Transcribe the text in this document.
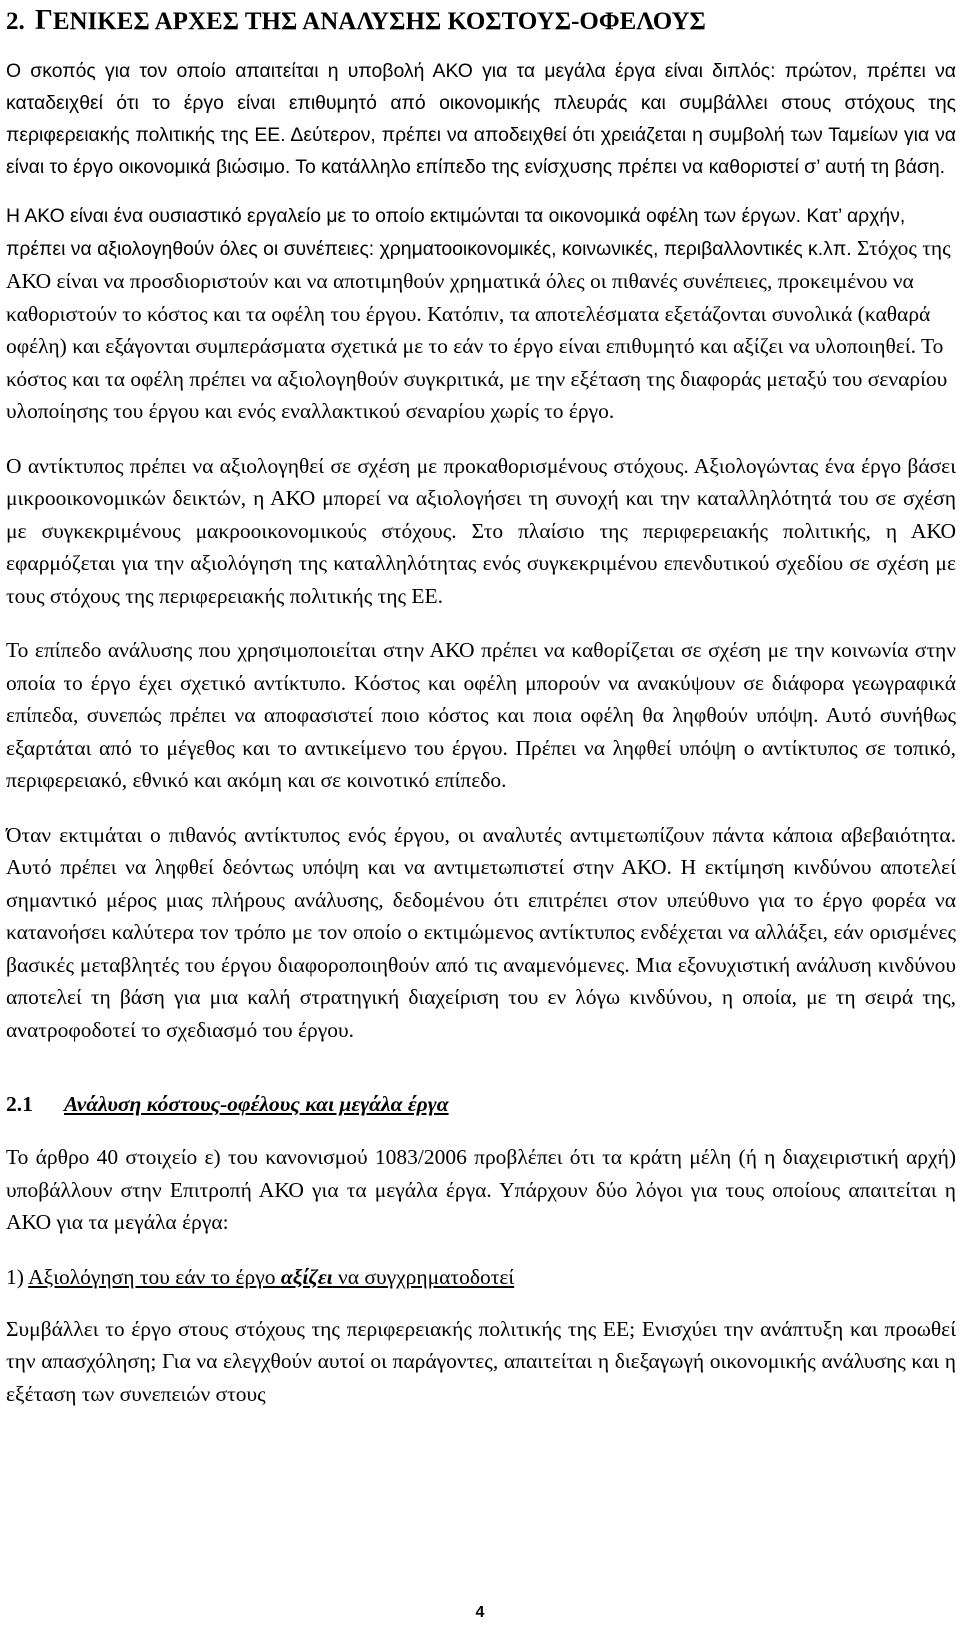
2. ΓΕΝΙΚΕΣ ΑΡΧΕΣ ΤΗΣ ΑΝΑΛΥΣΗΣ ΚΟΣΤΟΥΣ-ΟΦΕΛΟΥΣ

Ο σκοπός για τον οποίο απαιτείται η υποβολή ΑΚΟ για τα μεγάλα έργα είναι διπλός: πρώτον, πρέπει να καταδειχθεί ότι το έργο είναι επιθυμητό από οικονομικής πλευράς και συμβάλλει στους στόχους της περιφερειακής πολιτικής της ΕΕ. Δεύτερον, πρέπει να αποδειχθεί ότι χρειάζεται η συμβολή των Ταμείων για να είναι το έργο οικονομικά βιώσιμο. Το κατάλληλο επίπεδο της ενίσχυσης πρέπει να καθοριστεί σ’ αυτή τη βάση.

Η ΑΚΟ είναι ένα ουσιαστικό εργαλείο με το οποίο εκτιμώνται τα οικονομικά οφέλη των έργων. Κατ’ αρχήν, πρέπει να αξιολογηθούν όλες οι συνέπειες: χρηματοοικονομικές, κοινωνικές, περιβαλλοντικές κ.λπ. Στόχος της ΑΚΟ είναι να προσδιοριστούν και να αποτιμηθούν χρηματικά όλες οι πιθανές συνέπειες, προκειμένου να καθοριστούν το κόστος και τα οφέλη του έργου. Κατόπιν, τα αποτελέσματα εξετάζονται συνολικά (καθαρά οφέλη) και εξάγονται συμπεράσματα σχετικά με το εάν το έργο είναι επιθυμητό και αξίζει να υλοποιηθεί. Το κόστος και τα οφέλη πρέπει να αξιολογηθούν συγκριτικά, με την εξέταση της διαφοράς μεταξύ του σεναρίου υλοποίησης του έργου και ενός εναλλακτικού σεναρίου χωρίς το έργο.

Ο αντίκτυπος πρέπει να αξιολογηθεί σε σχέση με προκαθορισμένους στόχους. Αξιολογώντας ένα έργο βάσει μικροοικονομικών δεικτών, η ΑΚΟ μπορεί να αξιολογήσει τη συνοχή και την καταλληλότητά του σε σχέση με συγκεκριμένους μακροοικονομικούς στόχους. Στο πλαίσιο της περιφερειακής πολιτικής, η ΑΚΟ εφαρμόζεται για την αξιολόγηση της καταλληλότητας ενός συγκεκριμένου επενδυτικού σχεδίου σε σχέση με τους στόχους της περιφερειακής πολιτικής της ΕΕ.

Το επίπεδο ανάλυσης που χρησιμοποιείται στην ΑΚΟ πρέπει να καθορίζεται σε σχέση με την κοινωνία στην οποία το έργο έχει σχετικό αντίκτυπο. Κόστος και οφέλη μπορούν να ανακύψουν σε διάφορα γεωγραφικά επίπεδα, συνεπώς πρέπει να αποφασιστεί ποιο κόστος και ποια οφέλη θα ληφθούν υπόψη. Αυτό συνήθως εξαρτάται από το μέγεθος και το αντικείμενο του έργου. Πρέπει να ληφθεί υπόψη ο αντίκτυπος σε τοπικό, περιφερειακό, εθνικό και ακόμη και σε κοινοτικό επίπεδο.

Όταν εκτιμάται ο πιθανός αντίκτυπος ενός έργου, οι αναλυτές αντιμετωπίζουν πάντα κάποια αβεβαιότητα. Αυτό πρέπει να ληφθεί δεόντως υπόψη και να αντιμετωπιστεί στην ΑΚΟ. Η εκτίμηση κινδύνου αποτελεί σημαντικό μέρος μιας πλήρους ανάλυσης, δεδομένου ότι επιτρέπει στον υπεύθυνο για το έργο φορέα να κατανοήσει καλύτερα τον τρόπο με τον οποίο ο εκτιμώμενος αντίκτυπος ενδέχεται να αλλάξει, εάν ορισμένες βασικές μεταβλητές του έργου διαφοροποιηθούν από τις αναμενόμενες. Μια εξονυχιστική ανάλυση κινδύνου αποτελεί τη βάση για μια καλή στρατηγική διαχείριση του εν λόγω κινδύνου, η οποία, με τη σειρά της, ανατροφοδοτεί το σχεδιασμό του έργου.

2.1 Ανάλυση κόστους-οφέλους και μεγάλα έργα

Το άρθρο 40 στοιχείο ε) του κανονισμού 1083/2006 προβλέπει ότι τα κράτη μέλη (ή η διαχειριστική αρχή) υποβάλλουν στην Επιτροπή ΑΚΟ για τα μεγάλα έργα. Υπάρχουν δύο λόγοι για τους οποίους απαιτείται η ΑΚΟ για τα μεγάλα έργα:

1) Αξιολόγηση του εάν το έργο αξίζει να συγχρηματοδοτεί

Συμβάλλει το έργο στους στόχους της περιφερειακής πολιτικής της ΕΕ; Ενισχύει την ανάπτυξη και προωθεί την απασχόληση; Για να ελεγχθούν αυτοί οι παράγοντες, απαιτείται η διεξαγωγή οικονομικής ανάλυσης και η εξέταση των συνεπειών στους

4
